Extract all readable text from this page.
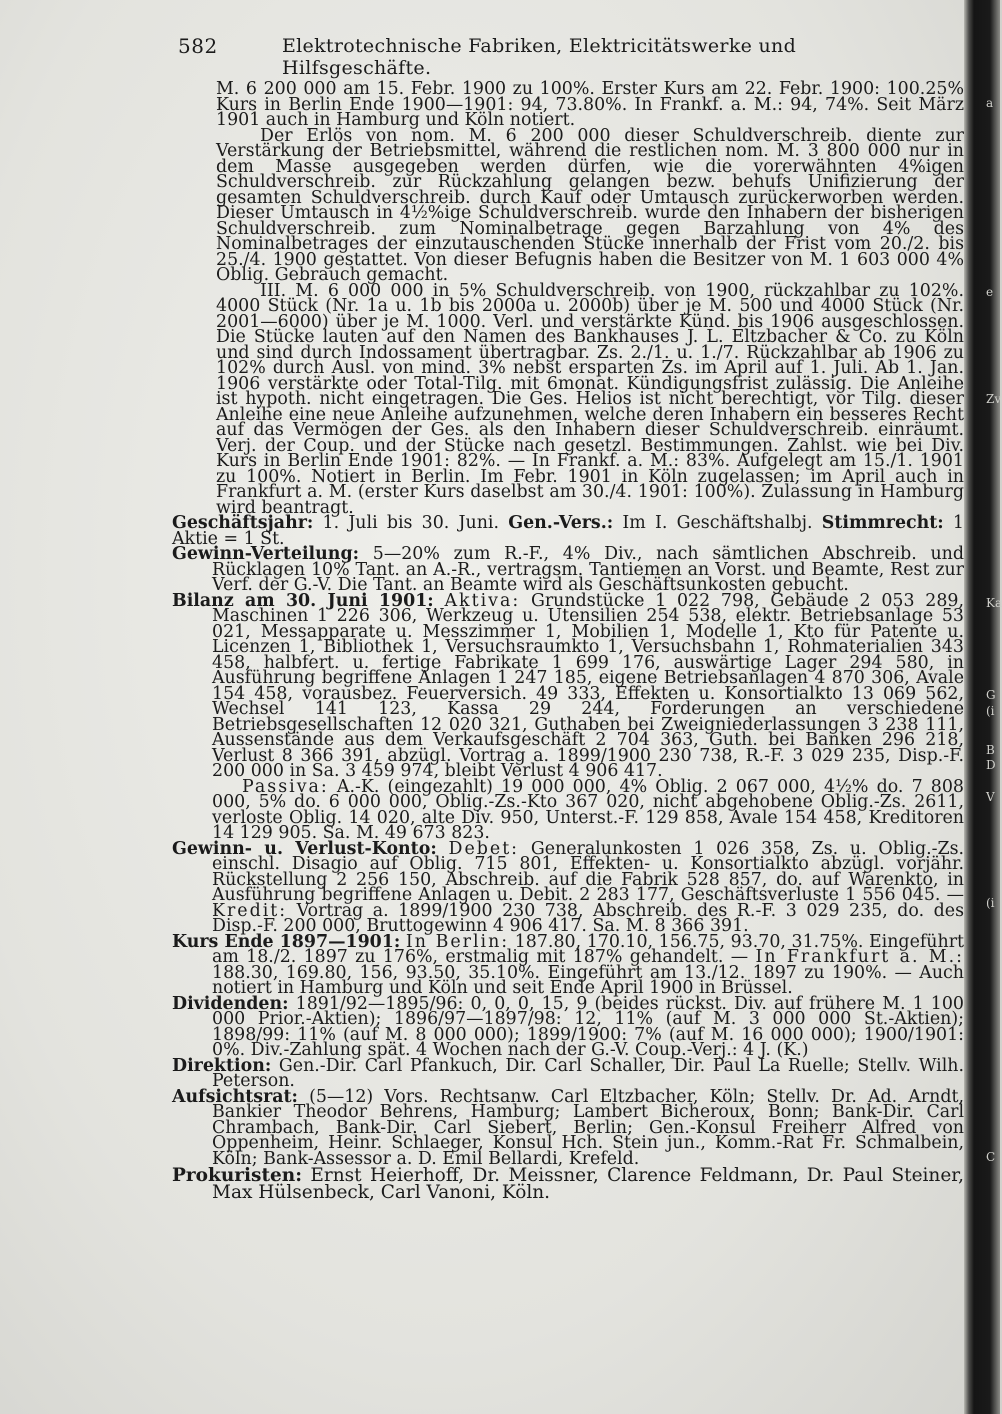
582	Elektrotechnische Fabriken, Elektricitätswerke und Hilfsgeschäfte.

M. 6 200 000 am 15. Febr. 1900 zu 100%. Erster Kurs am 22. Febr. 1900: 100.25% Kurs in Berlin Ende 1900—1901: 94, 73.80%. In Frankf. a. M.: 94, 74%. Seit März 1901 auch in Hamburg und Köln notiert.

Der Erlös von nom. M. 6 200 000 dieser Schuldverschreib. diente zur Verstärkung der Betriebsmittel, während die restlichen nom. M. 3 800 000 nur in dem Masse ausgegeben werden dürfen, wie die vorerwähnten 4%igen Schuldverschreib. zur Rückzahlung gelangen bezw. behufs Unifizierung der gesamten Schuldverschreib. durch Kauf oder Umtausch zurückerworben werden. Dieser Umtausch in 4½%ige Schuldverschreib. wurde den Inhabern der bisherigen Schuldverschreib. zum Nominalbetrage gegen Barzahlung von 4% des Nominalbetrages der einzutauschenden Stücke innerhalb der Frist vom 20./2. bis 25./4. 1900 gestattet. Von dieser Befugnis haben die Besitzer von M. 1 603 000 4% Oblig. Gebrauch gemacht.

III. M. 6 000 000 in 5% Schuldverschreib. von 1900, rückzahlbar zu 102%. 4000 Stück (Nr. 1a u. 1b bis 2000a u. 2000b) über je M. 500 und 4000 Stück (Nr. 2001—6000) über je M. 1000. Verl. und verstärkte Künd. bis 1906 ausgeschlossen. Die Stücke lauten auf den Namen des Bankhauses J. L. Eltzbacher & Co. zu Köln und sind durch Indossament übertragbar. Zs. 2./1. u. 1./7. Rückzahlbar ab 1906 zu 102% durch Ausl. von mind. 3% nebst ersparten Zs. im April auf 1. Juli. Ab 1. Jan. 1906 verstärkte oder Total-Tilg. mit 6monat. Kündigungsfrist zulässig. Die Anleihe ist hypoth. nicht eingetragen. Die Ges. Helios ist nicht berechtigt, vor Tilg. dieser Anleihe eine neue Anleihe aufzunehmen, welche deren Inhabern ein besseres Recht auf das Vermögen der Ges. als den Inhabern dieser Schuldverschreib. einräumt. Verj. der Coup. und der Stücke nach gesetzl. Bestimmungen. Zahlst. wie bei Div. Kurs in Berlin Ende 1901: 82%. — In Frankf. a. M.: 83%. Aufgelegt am 15./1. 1901 zu 100%. Notiert in Berlin. Im Febr. 1901 in Köln zugelassen; im April auch in Frankfurt a. M. (erster Kurs daselbst am 30./4. 1901: 100%). Zulassung in Hamburg wird beantragt.

Geschäftsjahr: 1. Juli bis 30. Juni. Gen.-Vers.: Im I. Geschäftshalbj. Stimmrecht: 1 Aktie = 1 St.

Gewinn-Verteilung: 5—20% zum R.-F., 4% Div., nach sämtlichen Abschreib. und Rücklagen 10% Tant. an A.-R., vertragsm. Tantiemen an Vorst. und Beamte, Rest zur Verf. der G.-V. Die Tant. an Beamte wird als Geschäftsunkosten gebucht.

Bilanz am 30. Juni 1901: Aktiva: Grundstücke 1 022 798, Gebäude 2 053 289, Maschinen 1 226 306, Werkzeug u. Utensilien 254 538, elektr. Betriebsanlage 53 021, Messapparate u. Messzimmer 1, Mobilien 1, Modelle 1, Kto für Patente u. Licenzen 1, Bibliothek 1, Versuchsraumkto 1, Versuchsbahn 1, Rohmaterialien 343 458, halbfert. u. fertige Fabrikate 1 699 176, auswärtige Lager 294 580, in Ausführung begriffene Anlagen 1 247 185, eigene Betriebsanlagen 4 870 306, Avale 154 458, vorausbez. Feuerversich. 49 333, Effekten u. Konsortialkto 13 069 562, Wechsel 141 123, Kassa 29 244, Forderungen an verschiedene Betriebsgesellschaften 12 020 321, Guthaben bei Zweigniederlassungen 3 238 111, Aussenstände aus dem Verkaufsgeschäft 2 704 363, Guth. bei Banken 296 218, Verlust 8 366 391, abzügl. Vortrag a. 1899/1900 230 738, R.-F. 3 029 235, Disp.-F. 200 000 in Sa. 3 459 974, bleibt Verlust 4 906 417.

Passiva: A.-K. (eingezahlt) 19 000 000, 4% Oblig. 2 067 000, 4½% do. 7 808 000, 5% do. 6 000 000, Oblig.-Zs.-Kto 367 020, nicht abgehobene Oblig.-Zs. 2611, verloste Oblig. 14 020, alte Div. 950, Unterst.-F. 129 858, Avale 154 458, Kreditoren 14 129 905. Sa. M. 49 673 823.

Gewinn- u. Verlust-Konto: Debet: Generalunkosten 1 026 358, Zs. u. Oblig.-Zs. einschl. Disagio auf Oblig. 715 801, Effekten- u. Konsortialkto abzügl. vorjähr. Rückstellung 2 256 150, Abschreib. auf die Fabrik 528 857, do. auf Warenkto, in Ausführung begriffene Anlagen u. Debit. 2 283 177, Geschäftsverluste 1 556 045. — Kredit: Vortrag a. 1899/1900 230 738, Abschreib. des R.-F. 3 029 235, do. des Disp.-F. 200 000, Bruttogewinn 4 906 417. Sa. M. 8 366 391.

Kurs Ende 1897—1901: In Berlin: 187.80, 170.10, 156.75, 93.70, 31.75%. Eingeführt am 18./2. 1897 zu 176%, erstmalig mit 187% gehandelt. — In Frankfurt a. M.: 188.30, 169.80, 156, 93.50, 35.10%. Eingeführt am 13./12. 1897 zu 190%. — Auch notiert in Hamburg und Köln und seit Ende April 1900 in Brüssel.

Dividenden: 1891/92—1895/96: 0, 0, 0, 15, 9 (beides rückst. Div. auf frühere M. 1 100 000 Prior.-Aktien); 1896/97—1897/98: 12, 11% (auf M. 3 000 000 St.-Aktien); 1898/99: 11% (auf M. 8 000 000); 1899/1900: 7% (auf M. 16 000 000); 1900/1901: 0%. Div.-Zahlung spät. 4 Wochen nach der G.-V. Coup.-Verj.: 4 J. (K.)

Direktion: Gen.-Dir. Carl Pfankuch, Dir. Carl Schaller, Dir. Paul La Ruelle; Stellv. Wilh. Peterson.

Aufsichtsrat: (5—12) Vors. Rechtsanw. Carl Eltzbacher, Köln; Stellv. Dr. Ad. Arndt, Bankier Theodor Behrens, Hamburg; Lambert Bicheroux, Bonn; Bank-Dir. Carl Chrambach, Bank-Dir. Carl Siebert, Berlin; Gen.-Konsul Freiherr Alfred von Oppenheim, Heinr. Schlaeger, Konsul Hch. Stein jun., Komm.-Rat Fr. Schmalbein, Köln; Bank-Assessor a. D. Emil Bellardi, Krefeld.

Prokuristen: Ernst Heierhoff, Dr. Meissner, Clarence Feldmann, Dr. Paul Steiner, Max Hülsenbeck, Carl Vanoni, Köln.

a
e
Zv
Ka
G
(i
B
D
V
(i
C
